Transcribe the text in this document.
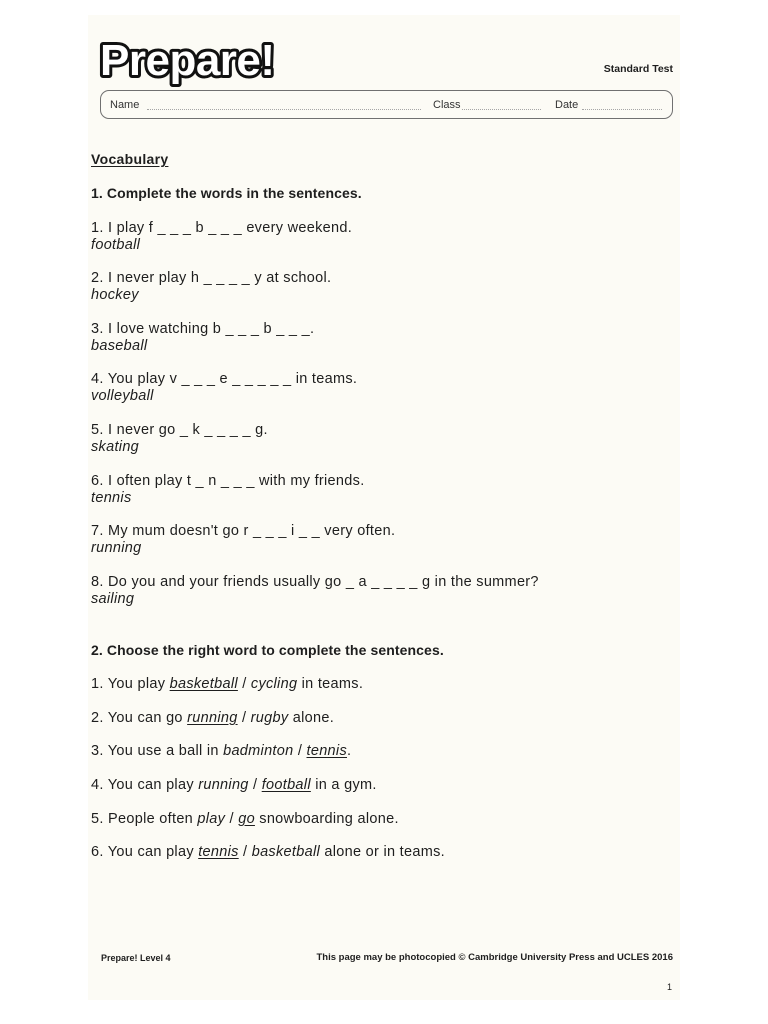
Prepare!	Standard Test
Name	Class	Date
Vocabulary
1. Complete the words in the sentences.
1. I play f _ _ _ b _ _ _ every weekend.
football
2. I never play h _ _ _ _ y at school.
hockey
3. I love watching b _ _ _ b _ _ _.
baseball
4. You play v _ _ _ e _ _ _ _ _ in teams.
volleyball
5. I never go _ k _ _ _ _ g.
skating
6. I often play t _ n _ _ _ with my friends.
tennis
7. My mum doesn't go r _ _ _ i _ _ very often.
running
8. Do you and your friends usually go _ a _ _ _ _ g in the summer?
sailing
2. Choose the right word to complete the sentences.
1. You play basketball / cycling in teams.
2. You can go running / rugby alone.
3. You use a ball in badminton / tennis.
4. You can play running / football in a gym.
5. People often play / go snowboarding alone.
6. You can play tennis / basketball alone or in teams.
Prepare! Level 4	This page may be photocopied © Cambridge University Press and UCLES 2016
1
